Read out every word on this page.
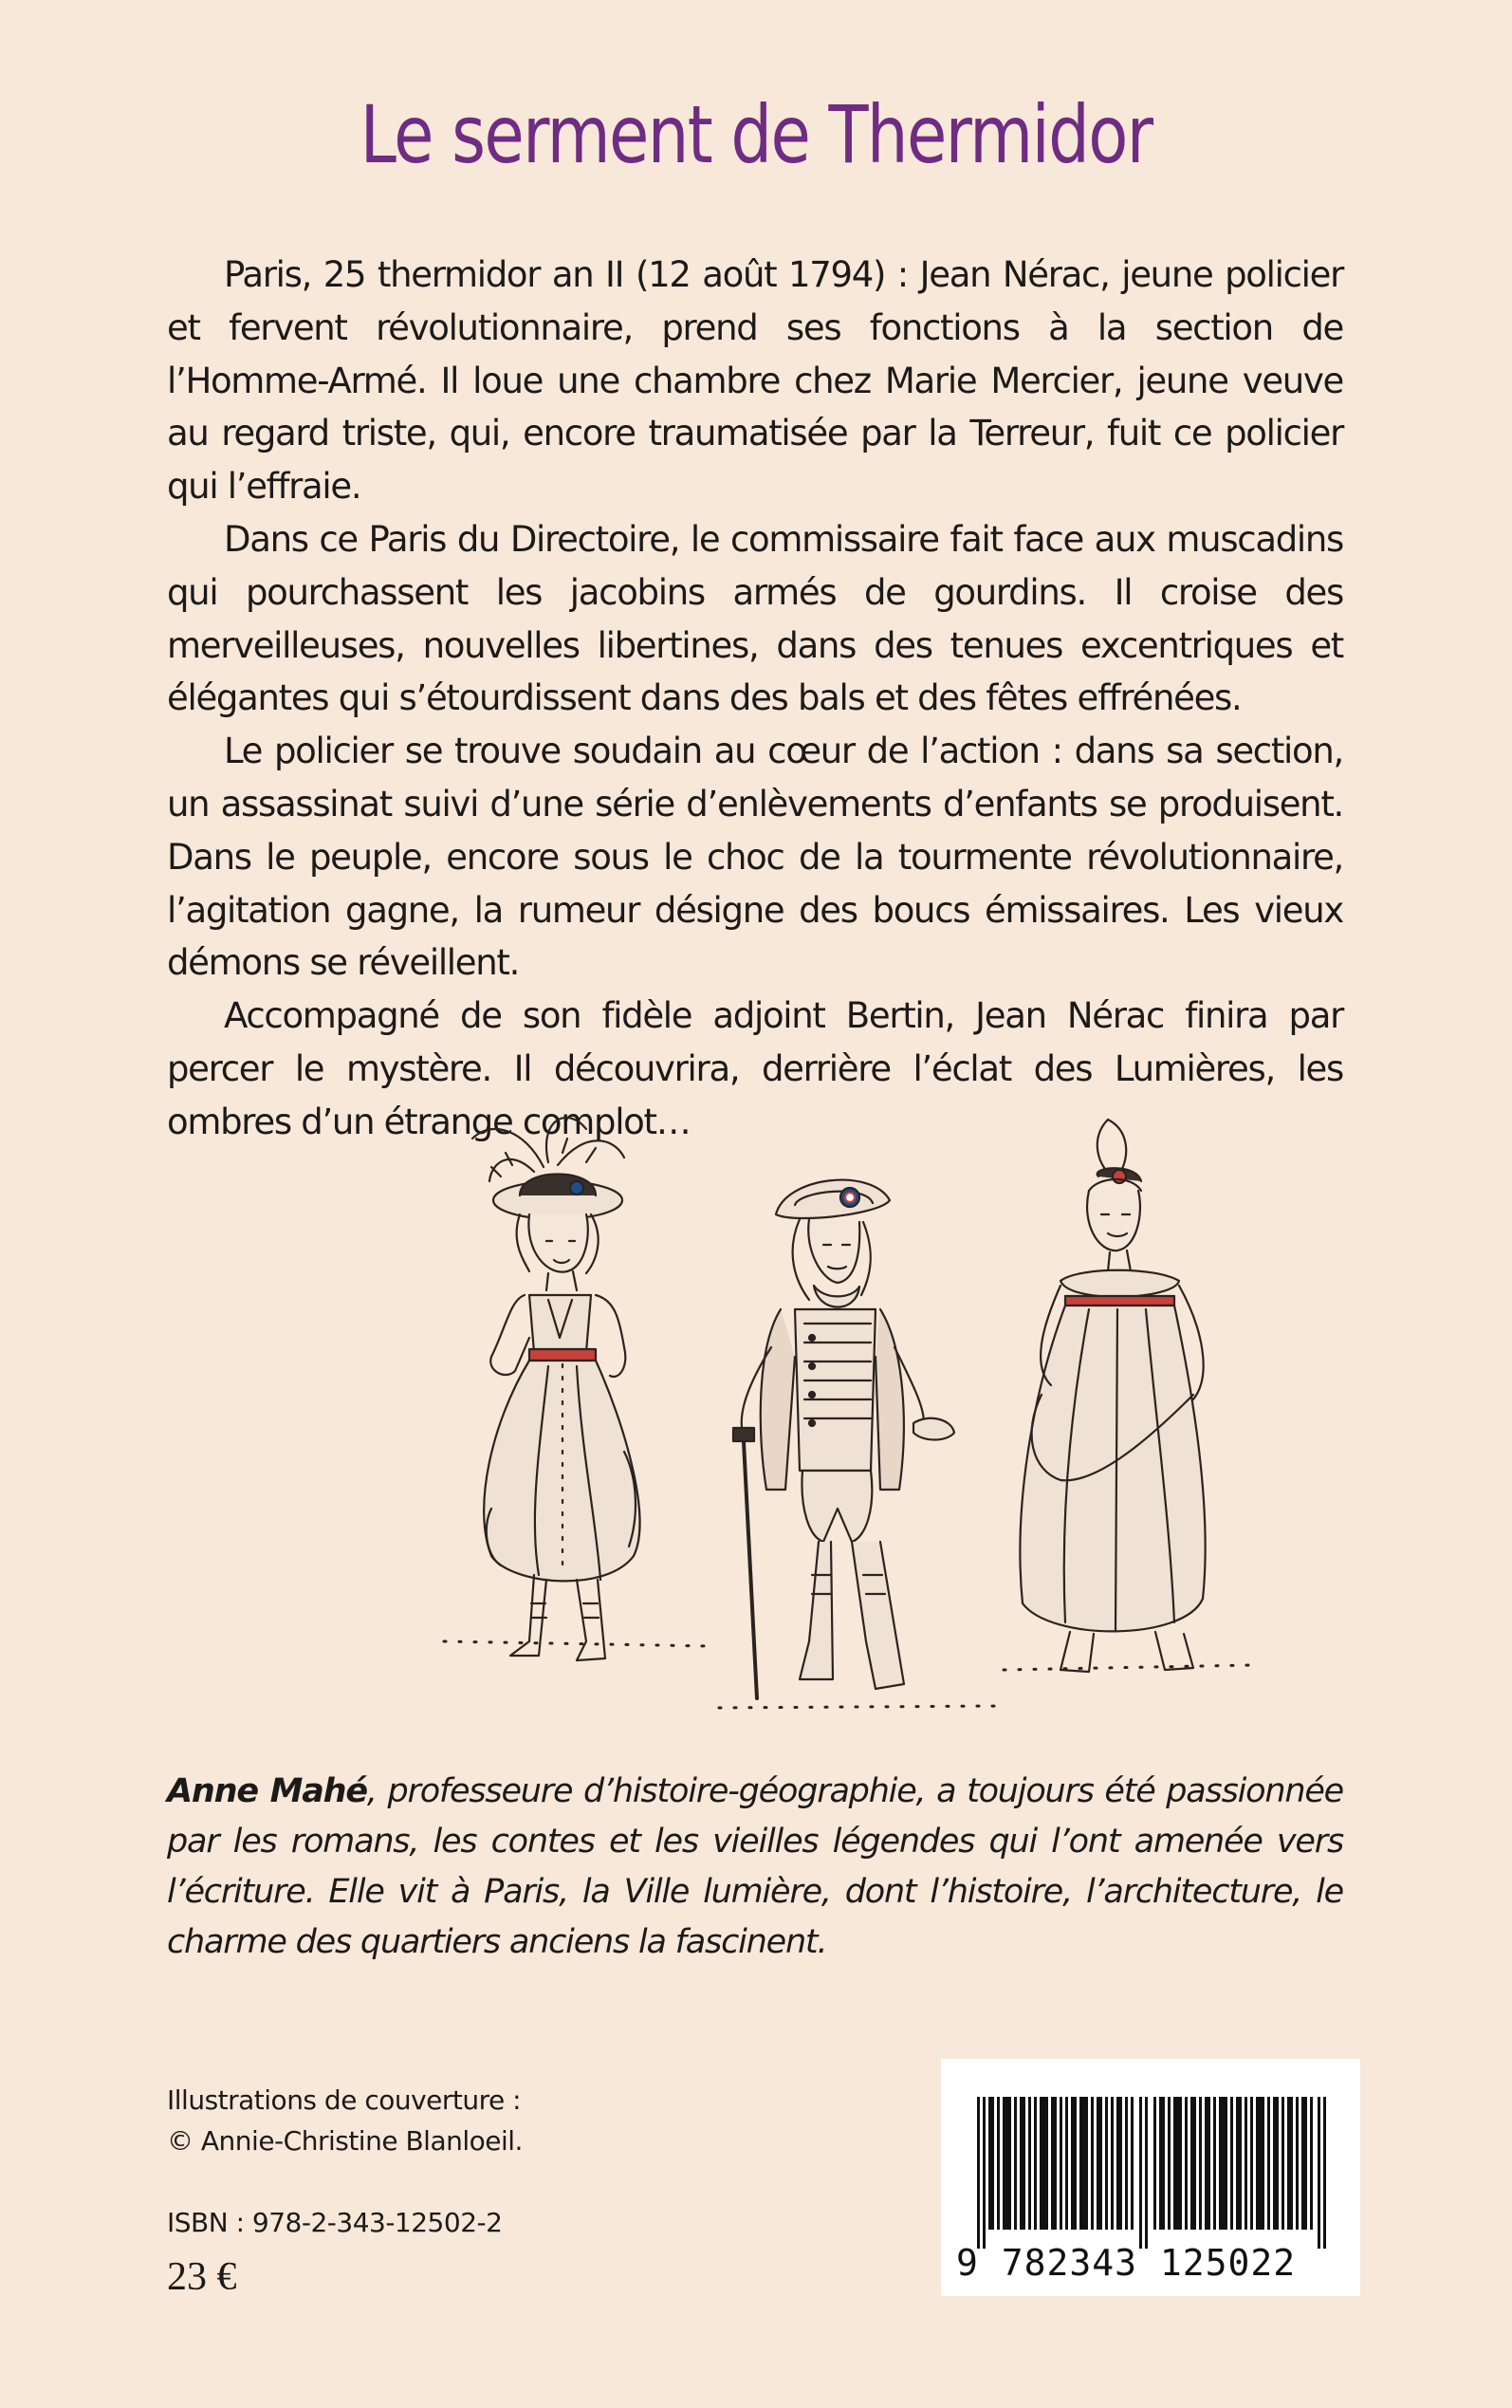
Le serment de Thermidor

Paris, 25 thermidor an II (12 août 1794) : Jean Nérac, jeune policier et fervent révolutionnaire, prend ses fonctions à la section de l’Homme-Armé. Il loue une chambre chez Marie Mercier, jeune veuve au regard triste, qui, encore traumatisée par la Terreur, fuit ce policier qui l’effraie.

Dans ce Paris du Directoire, le commissaire fait face aux muscadins qui pourchassent les jacobins armés de gourdins. Il croise des merveilleuses, nouvelles libertines, dans des tenues excentriques et élégantes qui s’étourdissent dans des bals et des fêtes effrénées.

Le policier se trouve soudain au cœur de l’action : dans sa section, un assassinat suivi d’une série d’enlèvements d’enfants se produisent. Dans le peuple, encore sous le choc de la tourmente révolutionnaire, l’agitation gagne, la rumeur désigne des boucs émissaires. Les vieux démons se réveillent.

Accompagné de son fidèle adjoint Bertin, Jean Nérac finira par percer le mystère. Il découvrira, derrière l’éclat des Lumières, les ombres d’un étrange complot…

Anne Mahé, professeure d’histoire-géographie, a toujours été passionnée par les romans, les contes et les vieilles légendes qui l’ont amenée vers l’écriture. Elle vit à Paris, la Ville lumière, dont l’histoire, l’architecture, le charme des quartiers anciens la fascinent.

Illustrations de couverture :
© Annie-Christine Blanloeil.
ISBN : 978-2-343-12502-2
23 €	9 782343 125022
